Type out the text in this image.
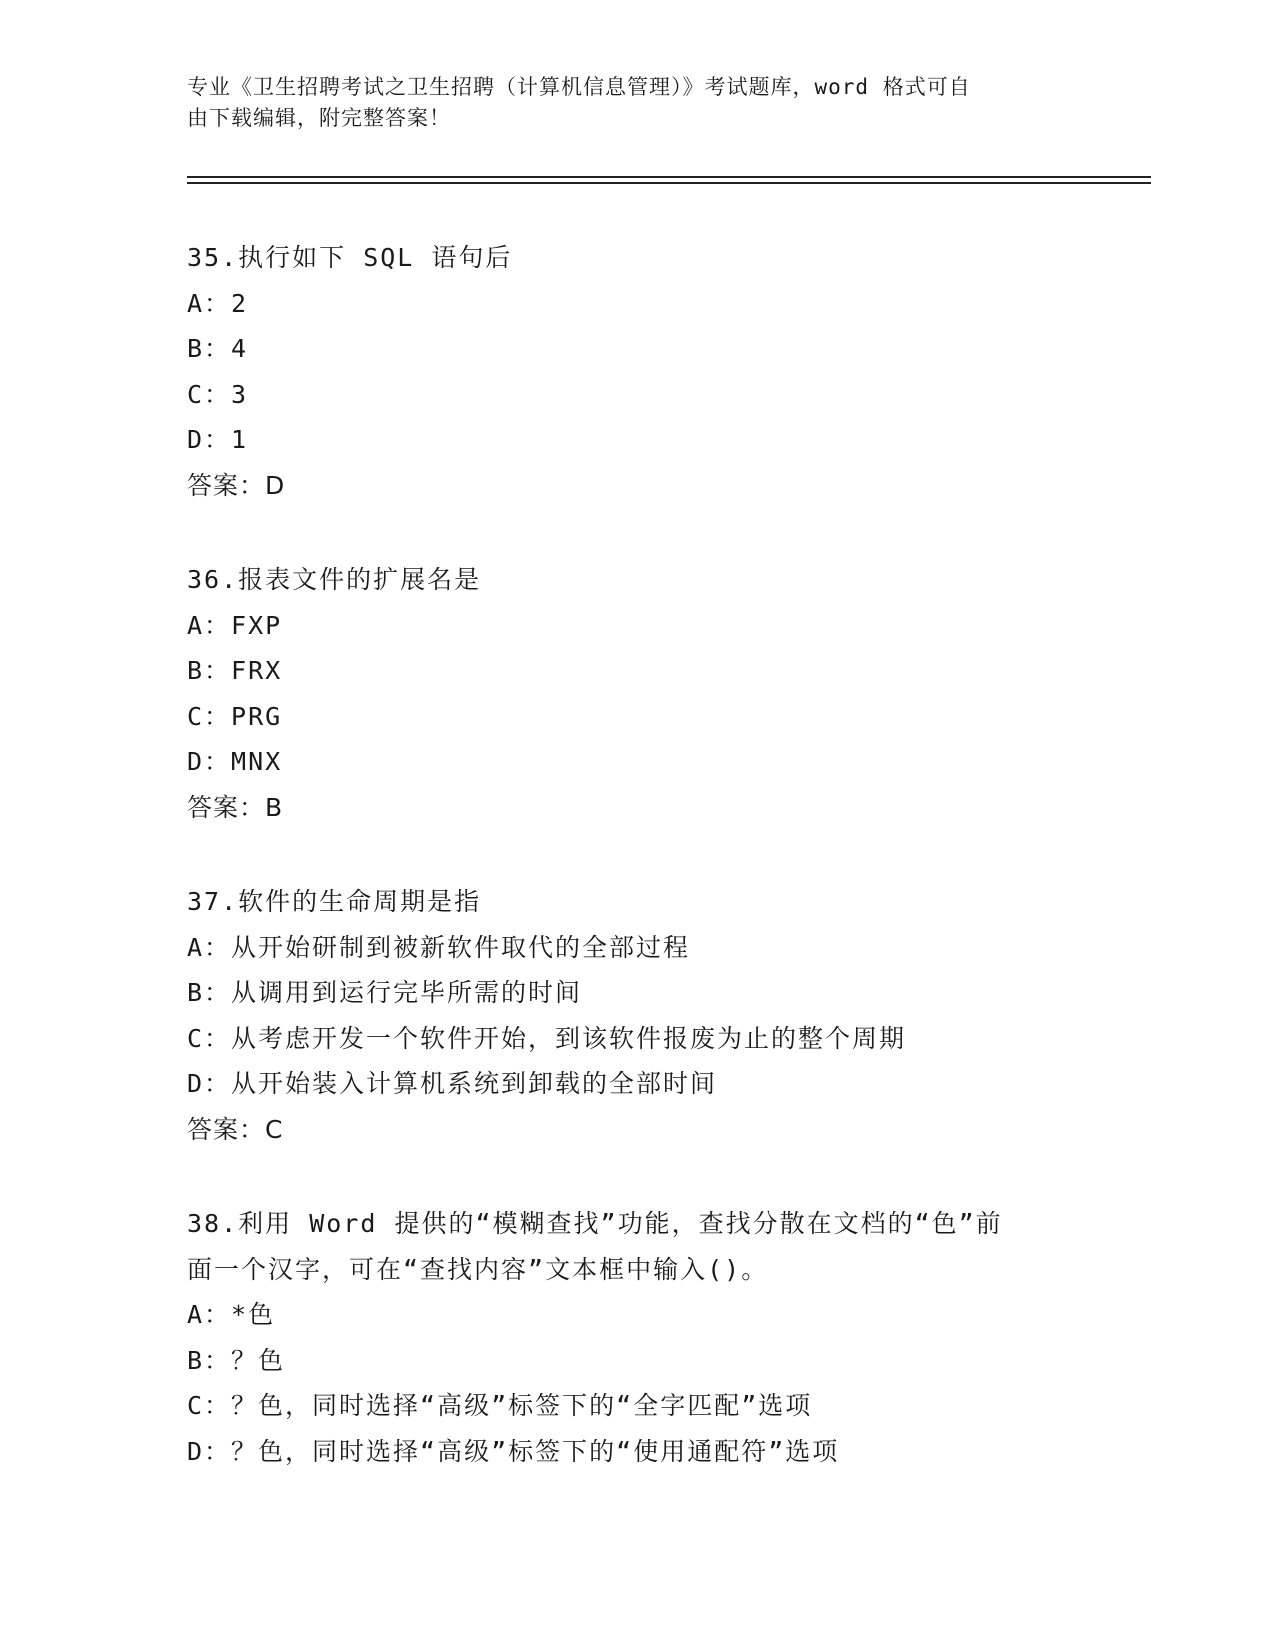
专业《卫生招聘考试之卫生招聘（计算机信息管理）》考试题库，word 格式可自
由下载编辑，附完整答案！
35.执行如下 SQL 语句后
A：2
B：4
C：3
D：1
答案：D
36.报表文件的扩展名是
A：FXP
B：FRX
C：PRG
D：MNX
答案：B
37.软件的生命周期是指
A：从开始研制到被新软件取代的全部过程
B：从调用到运行完毕所需的时间
C：从考虑开发一个软件开始，到该软件报废为止的整个周期
D：从开始装入计算机系统到卸载的全部时间
答案：C
38.利用 Word 提供的“模糊查找”功能，查找分散在文档的“色”前
面一个汉字，可在“查找内容”文本框中输入()。
A：*色
B：？色
C：？色，同时选择“高级”标签下的“全字匹配”选项
D：？色，同时选择“高级”标签下的“使用通配符”选项
